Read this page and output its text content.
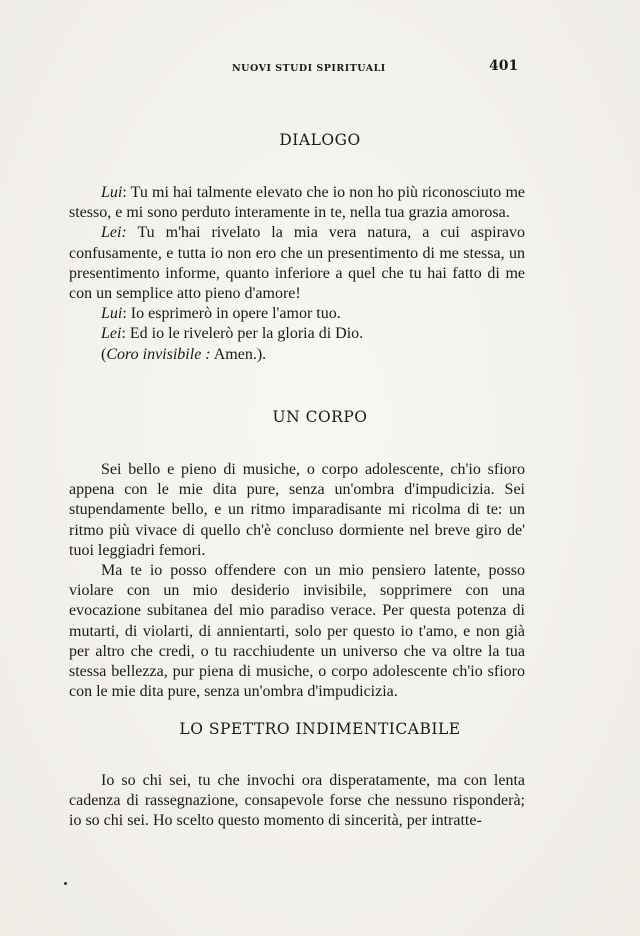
NUOVI STUDI SPIRITUALI	401
DIALOGO

Lui: Tu mi hai talmente elevato che io non ho più riconosciuto me stesso, e mi sono perduto interamente in te, nella tua grazia amorosa.

Lei: Tu m'hai rivelato la mia vera natura, a cui aspiravo confusamente, e tutta io non ero che un presentimento di me stessa, un presentimento informe, quanto inferiore a quel che tu hai fatto di me con un semplice atto pieno d'amore!

Lui: Io esprimerò in opere l'amor tuo.

Lei: Ed io le rivelerò per la gloria di Dio.

(Coro invisibile : Amen.).

UN CORPO

Sei bello e pieno di musiche, o corpo adolescente, ch'io sfioro appena con le mie dita pure, senza un'ombra d'impudicizia. Sei stupendamente bello, e un ritmo imparadisante mi ricolma di te: un ritmo più vivace di quello ch'è concluso dormiente nel breve giro de' tuoi leggiadri femori.

Ma te io posso offendere con un mio pensiero latente, posso violare con un mio desiderio invisibile, sopprimere con una evocazione subitanea del mio paradiso verace. Per questa potenza di mutarti, di violarti, di annientarti, solo per questo io t'amo, e non già per altro che credi, o tu racchiudente un universo che va oltre la tua stessa bellezza, pur piena di musiche, o corpo adolescente ch'io sfioro con le mie dita pure, senza un'ombra d'impudicizia.

LO SPETTRO INDIMENTICABILE

Io so chi sei, tu che invochi ora disperatamente, ma con lenta cadenza di rassegnazione, consapevole forse che nessuno risponderà; io so chi sei. Ho scelto questo momento di sincerità, per intratte-
